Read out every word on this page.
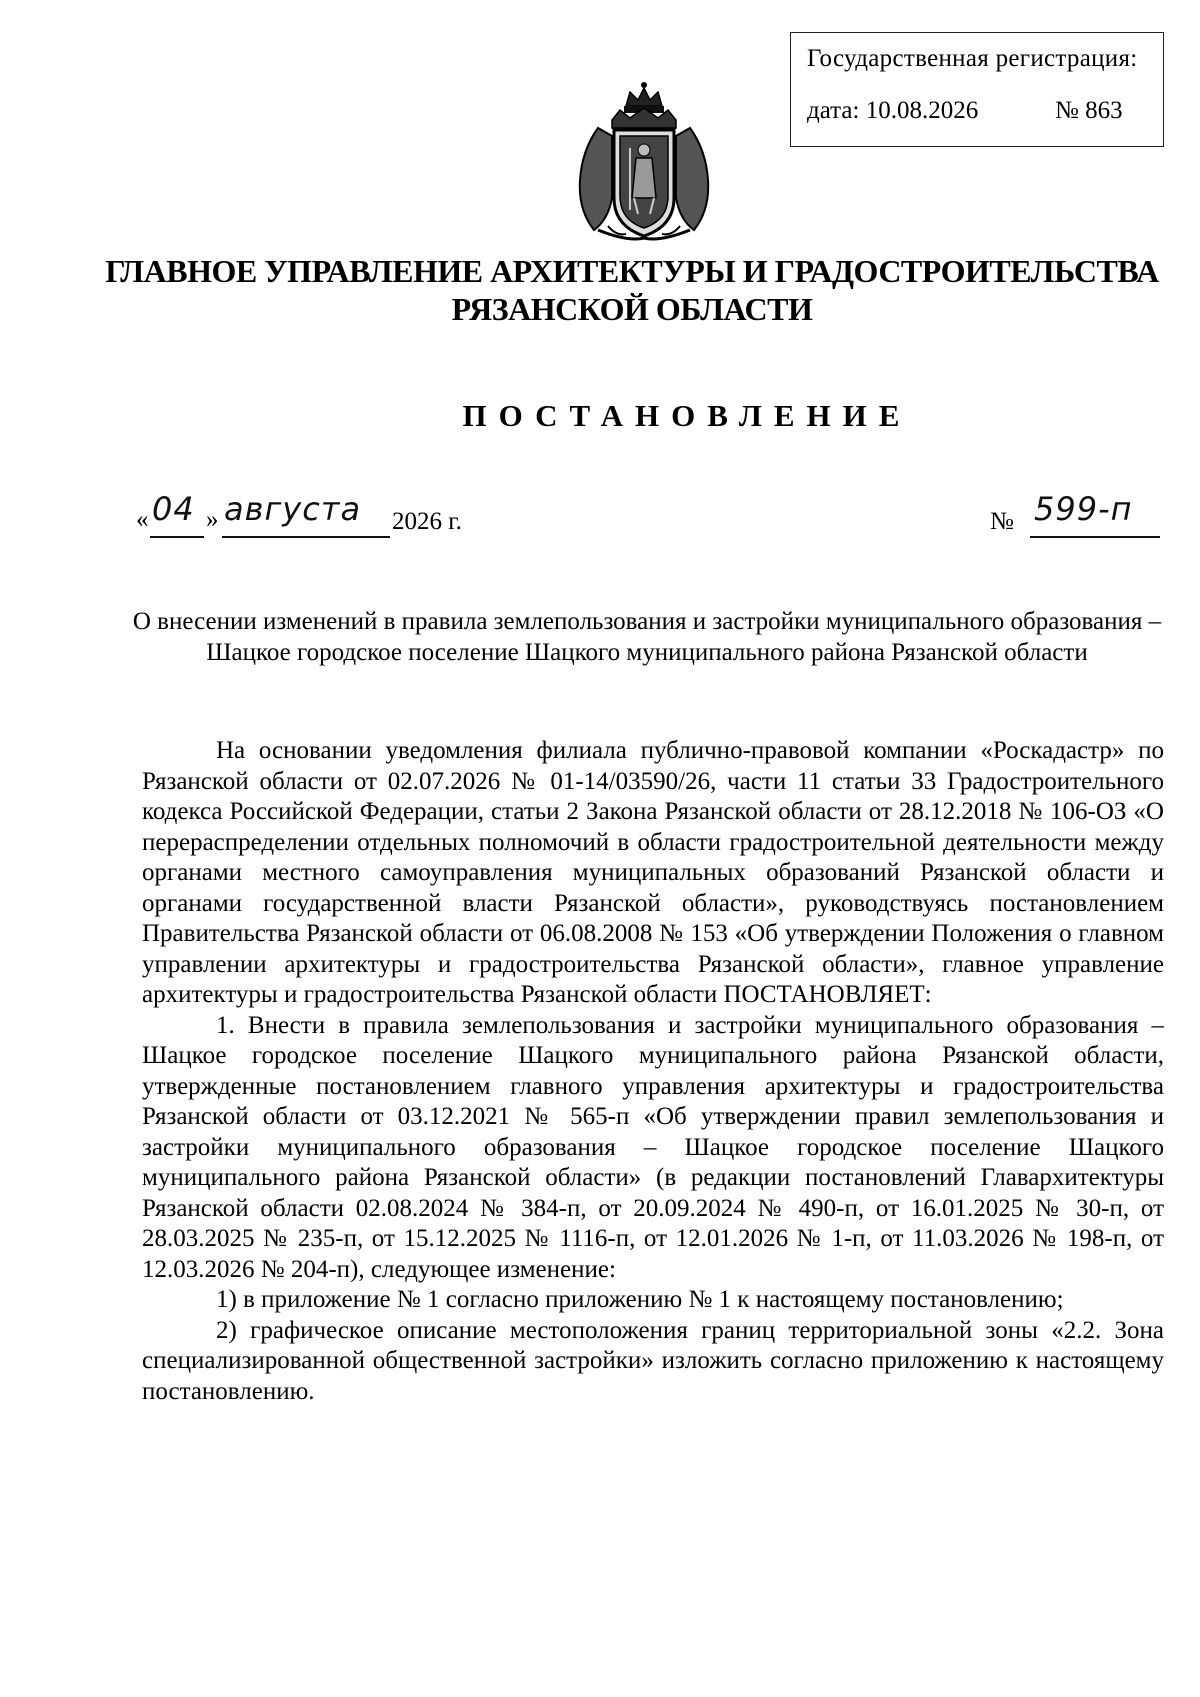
Государственная регистрация:
дата: 10.08.2026	№ 863
ГЛАВНОЕ УПРАВЛЕНИЕ АРХИТЕКТУРЫ И ГРАДОСТРОИТЕЛЬСТВА РЯЗАНСКОЙ ОБЛАСТИ
ПОСТАНОВЛЕНИЕ
« 04 » августа 2026 г.	№ 599-п
О внесении изменений в правила землепользования и застройки муниципального образования – Шацкое городское поселение Шацкого муниципального района Рязанской области

На основании уведомления филиала публично-правовой компании «Роскадастр» по Рязанской области от 02.07.2026 № 01-14/03590/26, части 11 статьи 33 Градостроительного кодекса Российской Федерации, статьи 2 Закона Рязанской области от 28.12.2018 № 106-ОЗ «О перераспределении отдельных полномочий в области градостроительной деятельности между органами местного самоуправления муниципальных образований Рязанской области и органами государственной власти Рязанской области», руководствуясь постановлением Правительства Рязанской области от 06.08.2008 № 153 «Об утверждении Положения о главном управлении архитектуры и градостроительства Рязанской области», главное управление архитектуры и градостроительства Рязанской области ПОСТАНОВЛЯЕТ:

1. Внести в правила землепользования и застройки муниципального образования – Шацкое городское поселение Шацкого муниципального района Рязанской области, утвержденные постановлением главного управления архитектуры и градостроительства Рязанской области от 03.12.2021 № 565-п «Об утверждении правил землепользования и застройки муниципального образования – Шацкое городское поселение Шацкого муниципального района Рязанской области» (в редакции постановлений Главархитектуры Рязанской области 02.08.2024 № 384-п, от 20.09.2024 № 490-п, от 16.01.2025 № 30-п, от 28.03.2025 № 235-п, от 15.12.2025 № 1116-п, от 12.01.2026 № 1-п, от 11.03.2026 № 198-п, от 12.03.2026 № 204-п), следующее изменение:

1) в приложение № 1 согласно приложению № 1 к настоящему постановлению;

2) графическое описание местоположения границ территориальной зоны «2.2. Зона специализированной общественной застройки» изложить согласно приложению к настоящему постановлению.
